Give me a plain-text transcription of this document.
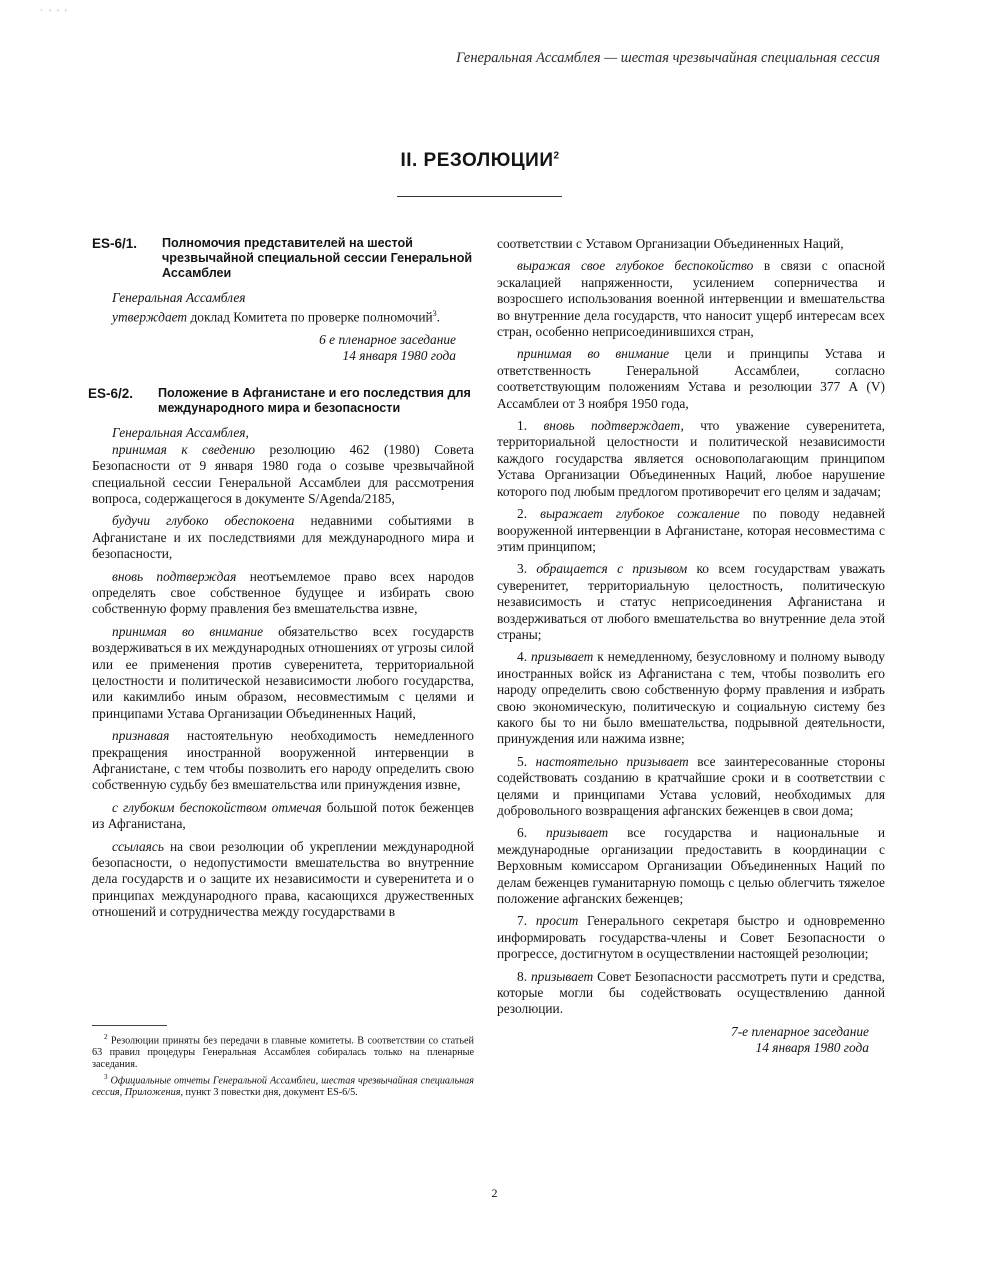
` ' ' '
Генеральная Ассамблея — шестая чрезвычайная специальная сессия
II. РЕЗОЛЮЦИИ$^2$
ES-6/1.	Полномочия представителей на шестой чрезвычайной специальной сессии Генеральной Ассамблеи

Генеральная Ассамблея

утверждает доклад Комитета по проверке полномочий$^3$.

6 е пленарное заседание
14 января 1980 года
ES-6/2.	Положение в Афганистане и его последствия для международного мира и безопасности

Генеральная Ассамблея,

принимая к сведению резолюцию 462 (1980) Совета Безопасности от 9 января 1980 года о созыве чрезвычайной специальной сессии Генеральной Ассамблеи для рассмотрения вопроса, содержащегося в документе S/Agenda/2185,

будучи глубоко обеспокоена недавними событиями в Афганистане и их последствиями для международного мира и безопасности,

вновь подтверждая неотъемлемое право всех народов определять свое собственное будущее и избирать свою собственную форму правления без вмешательства извне,

принимая во внимание обязательство всех государств воздерживаться в их международных отношениях от угрозы силой или ее применения против суверенитета, территориальной целостности и политической независимости любого государства, или какимлибо иным образом, несовместимым с целями и принципами Устава Организации Объединенных Наций,

признавая настоятельную необходимость немедленного прекращения иностранной вооруженной интервенции в Афганистане, с тем чтобы позволить его народу определить свою собственную судьбу без вмешательства или принуждения извне,

с глубоким беспокойством отмечая большой поток беженцев из Афганистана,

ссылаясь на свои резолюции об укреплении международной безопасности, о недопустимости вмешательства во внутренние дела государств и о защите их независимости и суверенитета и о принципах международного права, касающихся дружественных отношений и сотрудничества между государствами в

соответствии с Уставом Организации Объединенных Наций,

выражая свое глубокое беспокойство в связи с опасной эскалацией напряженности, усилением соперничества и возросшего использования военной интервенции и вмешательства во внутренние дела государств, что наносит ущерб интересам всех стран, особенно неприсоединившихся стран,

принимая во внимание цели и принципы Устава и ответственность Генеральной Ассамблеи, согласно соответствующим положениям Устава и резолюции 377 А (V) Ассамблеи от 3 ноября 1950 года,

1. вновь подтверждает, что уважение суверенитета, территориальной целостности и политической независимости каждого государства является основополагающим принципом Устава Организации Объединенных Наций, любое нарушение которого под любым предлогом противоречит его целям и задачам;

2. выражает глубокое сожаление по поводу недавней вооруженной интервенции в Афганистане, которая несовместима с этим принципом;

3. обращается с призывом ко всем государствам уважать суверенитет, территориальную целостность, политическую независимость и статус неприсоединения Афганистана и воздерживаться от любого вмешательства во внутренние дела этой страны;

4. призывает к немедленному, безусловному и полному выводу иностранных войск из Афганистана с тем, чтобы позволить его народу определить свою собственную форму правления и избрать свою экономическую, политическую и социальную систему без какого бы то ни было вмешательства, подрывной деятельности, принуждения или нажима извне;

5. настоятельно призывает все заинтересованные стороны содействовать созданию в кратчайшие сроки и в соответствии с целями и принципами Устава условий, необходимых для добровольного возвращения афганских беженцев в свои дома;

6. призывает все государства и национальные и международные организации предоставить в координации с Верховным комиссаром Организации Объединенных Наций по делам беженцев гуманитарную помощь с целью облегчить тяжелое положение афганских беженцев;

7. просит Генерального секретаря быстро и одновременно информировать государства-члены и Совет Безопасности о прогрессе, достигнутом в осуществлении настоящей резолюции;

8. призывает Совет Безопасности рассмотреть пути и средства, которые могли бы содействовать осуществлению данной резолюции.

7-е пленарное заседание
14 января 1980 года

$^2$ Резолюции приняты без передачи в главные комитеты. В соответствии со статьей 63 правил процедуры Генеральная Ассамблея собиралась только на пленарные заседания.

$^3$ Официальные отчеты Генеральной Ассамблеи, шестая чрезвычайная специальная сессия, Приложения, пункт 3 повестки дня, документ ES-6/5.

2
